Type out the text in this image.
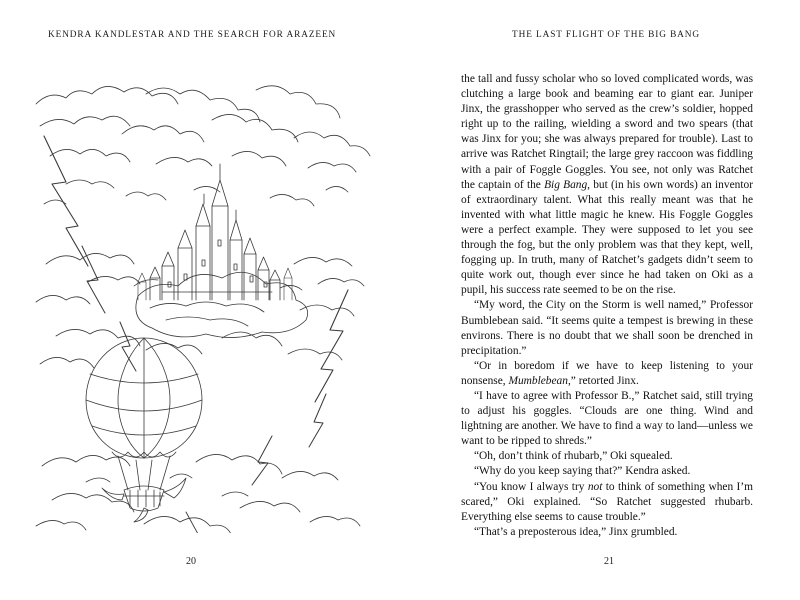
KENDRA KANDLESTAR AND THE SEARCH FOR ARAZEEN	THE LAST FLIGHT OF THE BIG BANG

the tall and fussy scholar who so loved complicated words, was clutching a large book and beaming ear to giant ear. Juniper Jinx, the grasshopper who served as the crew’s soldier, hopped right up to the railing, wielding a sword and two spears (that was Jinx for you; she was always prepared for trouble). Last to arrive was Ratchet Ringtail; the large grey raccoon was fiddling with a pair of Foggle Goggles. You see, not only was Ratchet the captain of the Big Bang, but (in his own words) an inventor of extraordinary talent. What this really meant was that he invented with what little magic he knew. His Foggle Goggles were a perfect example. They were supposed to let you see through the fog, but the only problem was that they kept, well, fogging up. In truth, many of Ratchet’s gadgets didn’t seem to quite work out, though ever since he had taken on Oki as a pupil, his success rate seemed to be on the rise.

“My word, the City on the Storm is well named,” Professor Bumblebean said. “It seems quite a tempest is brewing in these environs. There is no doubt that we shall soon be drenched in precipitation.”

“Or in boredom if we have to keep listening to your nonsense, Mumblebean,” retorted Jinx.

“I have to agree with Professor B.,” Ratchet said, still trying to adjust his goggles. “Clouds are one thing. Wind and lightning are another. We have to find a way to land—unless we want to be ripped to shreds.”

“Oh, don’t think of rhubarb,” Oki squealed.

“Why do you keep saying that?” Kendra asked.

“You know I always try not to think of something when I’m scared,” Oki explained. “So Ratchet suggested rhubarb. Everything else seems to cause trouble.”

“That’s a preposterous idea,” Jinx grumbled.

20	21
